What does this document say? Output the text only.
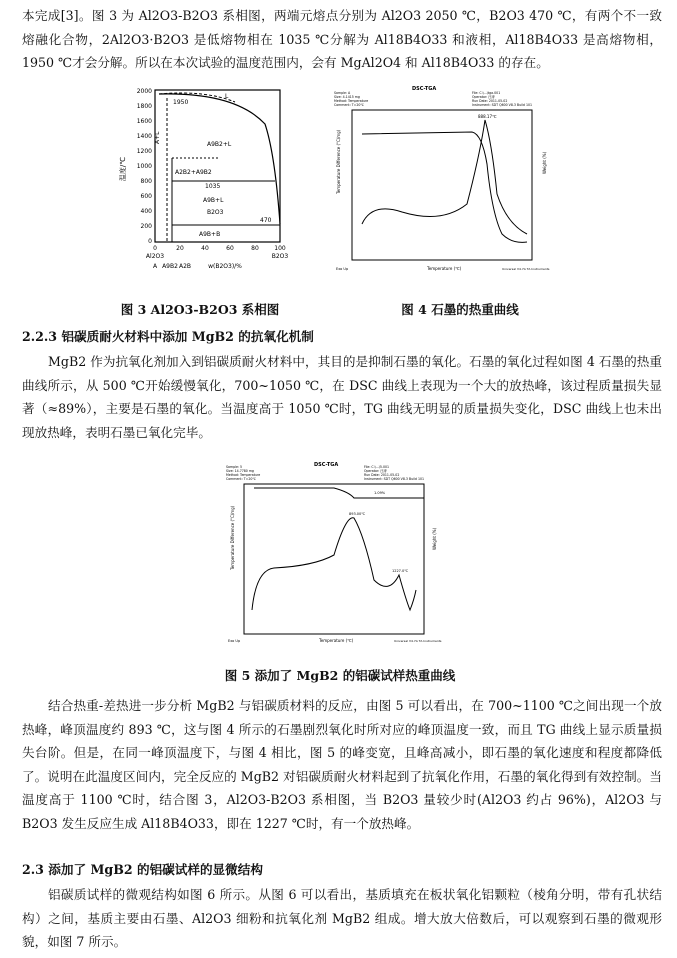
本完成[3]。图 3 为 Al2O3-B2O3 系相图，两端元熔点分别为 Al2O3 2050 ℃，B2O3 470 ℃，有两个不一致熔融化合物，2Al2O3·B2O3 是低熔物相在 1035 ℃分解为 Al18B4O33 和液相，Al18B4O33 是高熔物相，1950 ℃才会分解。所以在本次试验的温度范围内，会有 MgAl2O4 和 Al18B4O33 的存在。
2000
1800
1600
1400
1200
1000
800
600
400
200
0
温度/℃
0	20	40	60	80	100
Al2O3	B2O3
A A9B2 A2B	w(B2O3)/%
L
A+L
A9B2+L
A2B2+A9B2
A9B+L
B2O3
A9B+B
1950
1035
470
图 3 Al2O3-B2O3 系相图
DSC-TGA
Sample: A
Size: 4.1415 mg
Method: Temperature
Comment: T=20℃
File: C:\...\tga.001
Operator: 汪涛
Run Date: 2011-05-02
Instrument: SDT Q600 V8.3 Build 101
888.17℃
Temperature Difference (°C/mg)	Weight (%)
Temperature (℃)
Exo Up	Universal V4.7A TA Instruments
图 4 石墨的热重曲线
2.2.3 铝碳质耐火材料中添加 MgB2 的抗氧化机制
MgB2 作为抗氧化剂加入到铝碳质耐火材料中，其目的是抑制石墨的氧化。石墨的氧化过程如图 4 石墨的热重曲线所示，从 500 ℃开始缓慢氧化，700~1050 ℃，在 DSC 曲线上表现为一个大的放热峰，该过程质量损失显著（≈89%），主要是石墨的氧化。当温度高于 1050 ℃时，TG 曲线无明显的质量损失变化，DSC 曲线上也未出现放热峰，表明石墨已氧化完毕。
DSC-TGA
Sample: 5
Size: 14.7780 mg
Method: Temperature
Comment: T=20℃
File: C:\...\5.001
Operator: 汪涛
Run Date: 2011-05-02
Instrument: SDT Q600 V8.3 Build 101
1.09%
893.00℃
1227.0℃
Temperature Difference (°C/mg)	Weight (%)
Temperature (℃)
Exo Up	Universal V4.7A TA Instruments
图 5 添加了 MgB2 的铝碳试样热重曲线
结合热重-差热进一步分析 MgB2 与铝碳质材料的反应，由图 5 可以看出，在 700~1100 ℃之间出现一个放热峰，峰顶温度约 893 ℃，这与图 4 所示的石墨剧烈氧化时所对应的峰顶温度一致，而且 TG 曲线上显示质量损失台阶。但是，在同一峰顶温度下，与图 4 相比，图 5 的峰变宽，且峰高减小，即石墨的氧化速度和程度都降低了。说明在此温度区间内，完全反应的 MgB2 对铝碳质耐火材料起到了抗氧化作用，石墨的氧化得到有效控制。当温度高于 1100 ℃时，结合图 3，Al2O3-B2O3 系相图，当 B2O3 量较少时(Al2O3 约占 96%)，Al2O3 与 B2O3 发生反应生成 Al18B4O33，即在 1227 ℃时，有一个放热峰。
2.3 添加了 MgB2 的铝碳试样的显微结构
铝碳质试样的微观结构如图 6 所示。从图 6 可以看出，基质填充在板状氧化铝颗粒（棱角分明，带有孔状结构）之间，基质主要由石墨、Al2O3 细粉和抗氧化剂 MgB2 组成。增大放大倍数后，可以观察到石墨的微观形貌，如图 7 所示。
